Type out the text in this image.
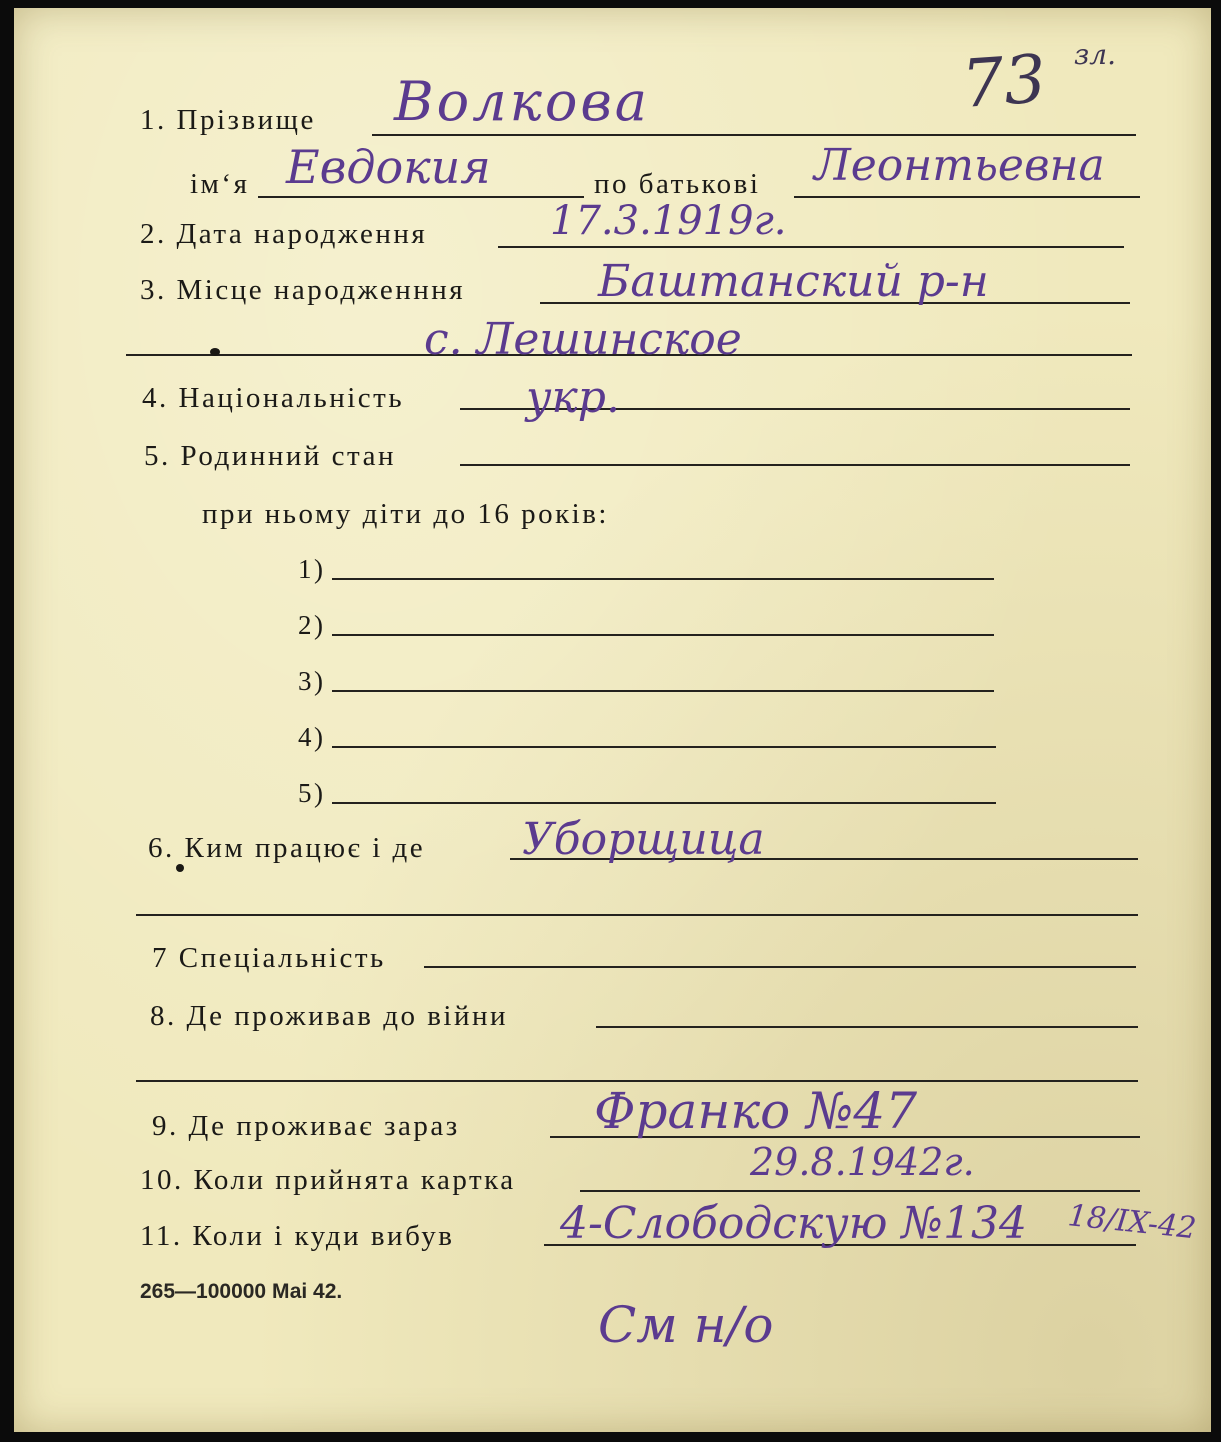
73 зл.
1. Прізвище Волкова
ім‘я Евдокия	по батькові Леонтьевна
2. Дата народження	17.3.1919г.
3. Місце народженння	Баштанский р-н
с. Лешинское
4. Національність	укр.
5. Родинний стан
при ньому діти до 16 років:
1)
2)
3)
4)
5)
6. Ким працює і де Уборщица
7 Спеціальність
8. Де проживав до війни
9. Де проживає зараз	Франко №47
10. Коли прийнята картка	29.8.1942г.
11. Коли і куди вибув 4-Слободскую №134 18/IX-42
265—100000 Маі 42.
См н/о
